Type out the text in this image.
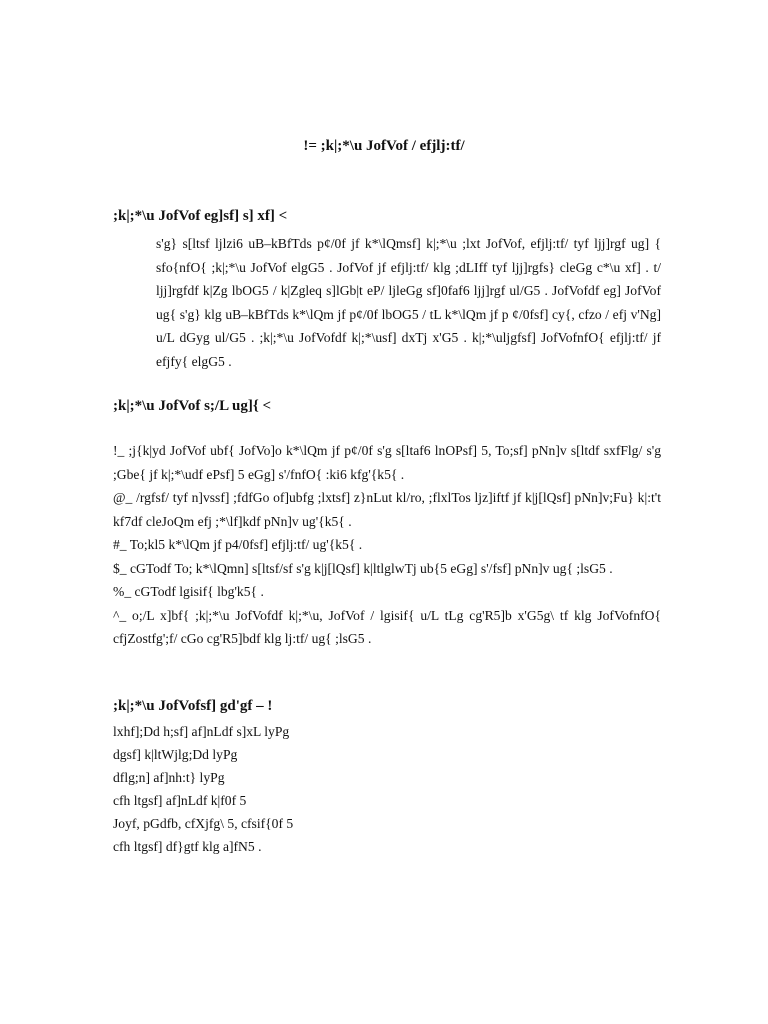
!= ;k|;*\u JofVof / efjlj:tf/
;k|;*\u JofVof eg]sf] s] xf] <
s'g} s[ltsf ljlzi6 uB–kBfTds p¢/0f jf k*\lQmsf] k|;*\u ;lxt JofVof, efjlj:tf/ tyf ljj]rgf ug] { sfo{nfO{ ;k|;*\u JofVof elgG5 . JofVof jf efjlj:tf/ klg ;dLIff tyf ljj]rgfs} cleGg c*\u xf] . t/ ljj]rgfdf k|Zg lbOG5 / k|Zgleq s]lGb|t eP/ ljleGg sf]0faf6 ljj]rgf ul/G5 . JofVofdf eg] JofVof ug{ s'g} klg uB–kBfTds k*\lQm jf p¢/0f lbOG5 / tL k*\lQm jf p ¢/0fsf] cy{, cfzo / efj v'Ng] u/L dGyg ul/G5 . ;k|;*\u JofVofdf k|;*\usf] dxTj x'G5 . k|;*\uljgfsf] JofVofnfO{ efjlj:tf/ jf efjfy{ elgG5 .
;k|;*\u JofVof s;/L ug]{ <

!_ ;j{k|yd JofVof ubf{ JofVo]o k*\lQm jf p¢/0f s'g s[ltaf6 lnOPsf] 5, To;sf] pNn]v s[ltdf sxfFlg/ s'g ;Gbe{ jf k|;*\udf ePsf] 5 eGg] s'/fnfO{ :ki6 kfg'{k5{ .

@_ /rgfsf/ tyf n]vssf] ;fdfGo of]ubfg ;lxtsf] z}nLut kl/ro, ;flxlTos ljz]iftf jf k|j[lQsf] pNn]v;Fu} k|:t't kf7df cleJoQm efj ;*\lf]kdf pNn]v ug'{k5{ .

#_ To;kl5 k*\lQm jf p4/0fsf] efjlj:tf/ ug'{k5{ .

$_ cGTodf To; k*\lQmn] s[ltsf/sf s'g k|j[lQsf] k|ltlglwTj ub{5 eGg] s'/fsf] pNn]v ug{ ;lsG5 .

%_ cGTodf lgisif{ lbg'k5{ .

^_ o;/L x]bf{ ;k|;*\u JofVofdf k|;*\u, JofVof / lgisif{ u/L tLg cg'R5]b x'G5g\ tf klg JofVofnfO{ cfjZostfg';f/ cGo cg'R5]bdf klg lj:tf/ ug{ ;lsG5 .

;k|;*\u JofVofsf] gd'gf – !
lxhf];Dd h;sf] af]nLdf s]xL lyPg
dgsf] k|ltWjlg;Dd lyPg
dflg;n] af]nh:t} lyPg
cfh ltgsf] af]nLdf k|f0f 5
Joyf, pGdfb, cfXjfg\ 5, cfsif{0f 5
cfh ltgsf] df}gtf klg a]fN5 .
